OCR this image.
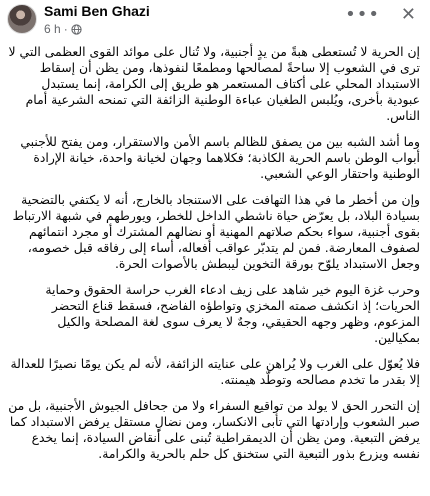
Sami Ben Ghazi
6 h ·
••• ✕

إن الحرية لا تُستعطى هبةً من يدٍ أجنبية، ولا تُنال على موائد القوى العظمى التي لا ترى في الشعوب إلا ساحةً لمصالحها ومطمعًا لنفوذها، ومن يظن أن إسقاط الاستبداد المحلي على أكتاف المستعمر هو طريق إلى الكرامة، إنما يستبدل عبودية بأخرى، ويُلبس الطغيان عباءة الوطنية الزائفة التي تمنحه الشرعية أمام الناس.

وما أشد الشبه بين من يصفق للظالم باسم الأمن والاستقرار، ومن يفتح للأجنبي أبواب الوطن باسم الحرية الكاذبة؛ فكلاهما وجهان لخيانة واحدة، خيانة الإرادة الوطنية واحتقار الوعي الشعبي.

وإن من أخطر ما في هذا التهافت على الاستنجاد بالخارج، أنه لا يكتفي بالتضحية بسيادة البلاد، بل يعرّض حياة ناشطي الداخل للخطر، ويورطهم في شبهة الارتباط بقوى أجنبية، سواء بحكم صلاتهم المهنية أو نضالهم المشترك أو مجرد انتمائهم لصفوف المعارضة. فمن لم يتدبّر عواقب أفعاله، أساء إلى رفاقه قبل خصومه، وجعل الاستبداد يلوّح بورقة التخوين ليبطش بالأصوات الحرة.

وحرب غزة اليوم خير شاهد على زيف ادعاء الغرب حراسة الحقوق وحماية الحريات؛ إذ انكشف صمته المخزي وتواطؤه الفاضح، فسقط قناع التحضر المزعوم، وظهر وجهه الحقيقي، وجهٌ لا يعرف سوى لغة المصلحة والكيل بمكيالين.

فلا يُعوّل على الغرب ولا يُراهن على عنايته الزائفة، لأنه لم يكن يومًا نصيرًا للعدالة إلا بقدر ما تخدم مصالحه وتوطّد هيمنته.

إن التحرر الحق لا يولد من تواقيع السفراء ولا من جحافل الجيوش الأجنبية، بل من صبر الشعوب وإرادتها التي تأبى الانكسار، ومن نضالٍ مستقل يرفض الاستبداد كما يرفض التبعية. ومن يظن أن الديمقراطية تُبنى على أنقاض السيادة، إنما يخدع نفسه ويزرع بذور التبعية التي ستخنق كل حلم بالحرية والكرامة.
